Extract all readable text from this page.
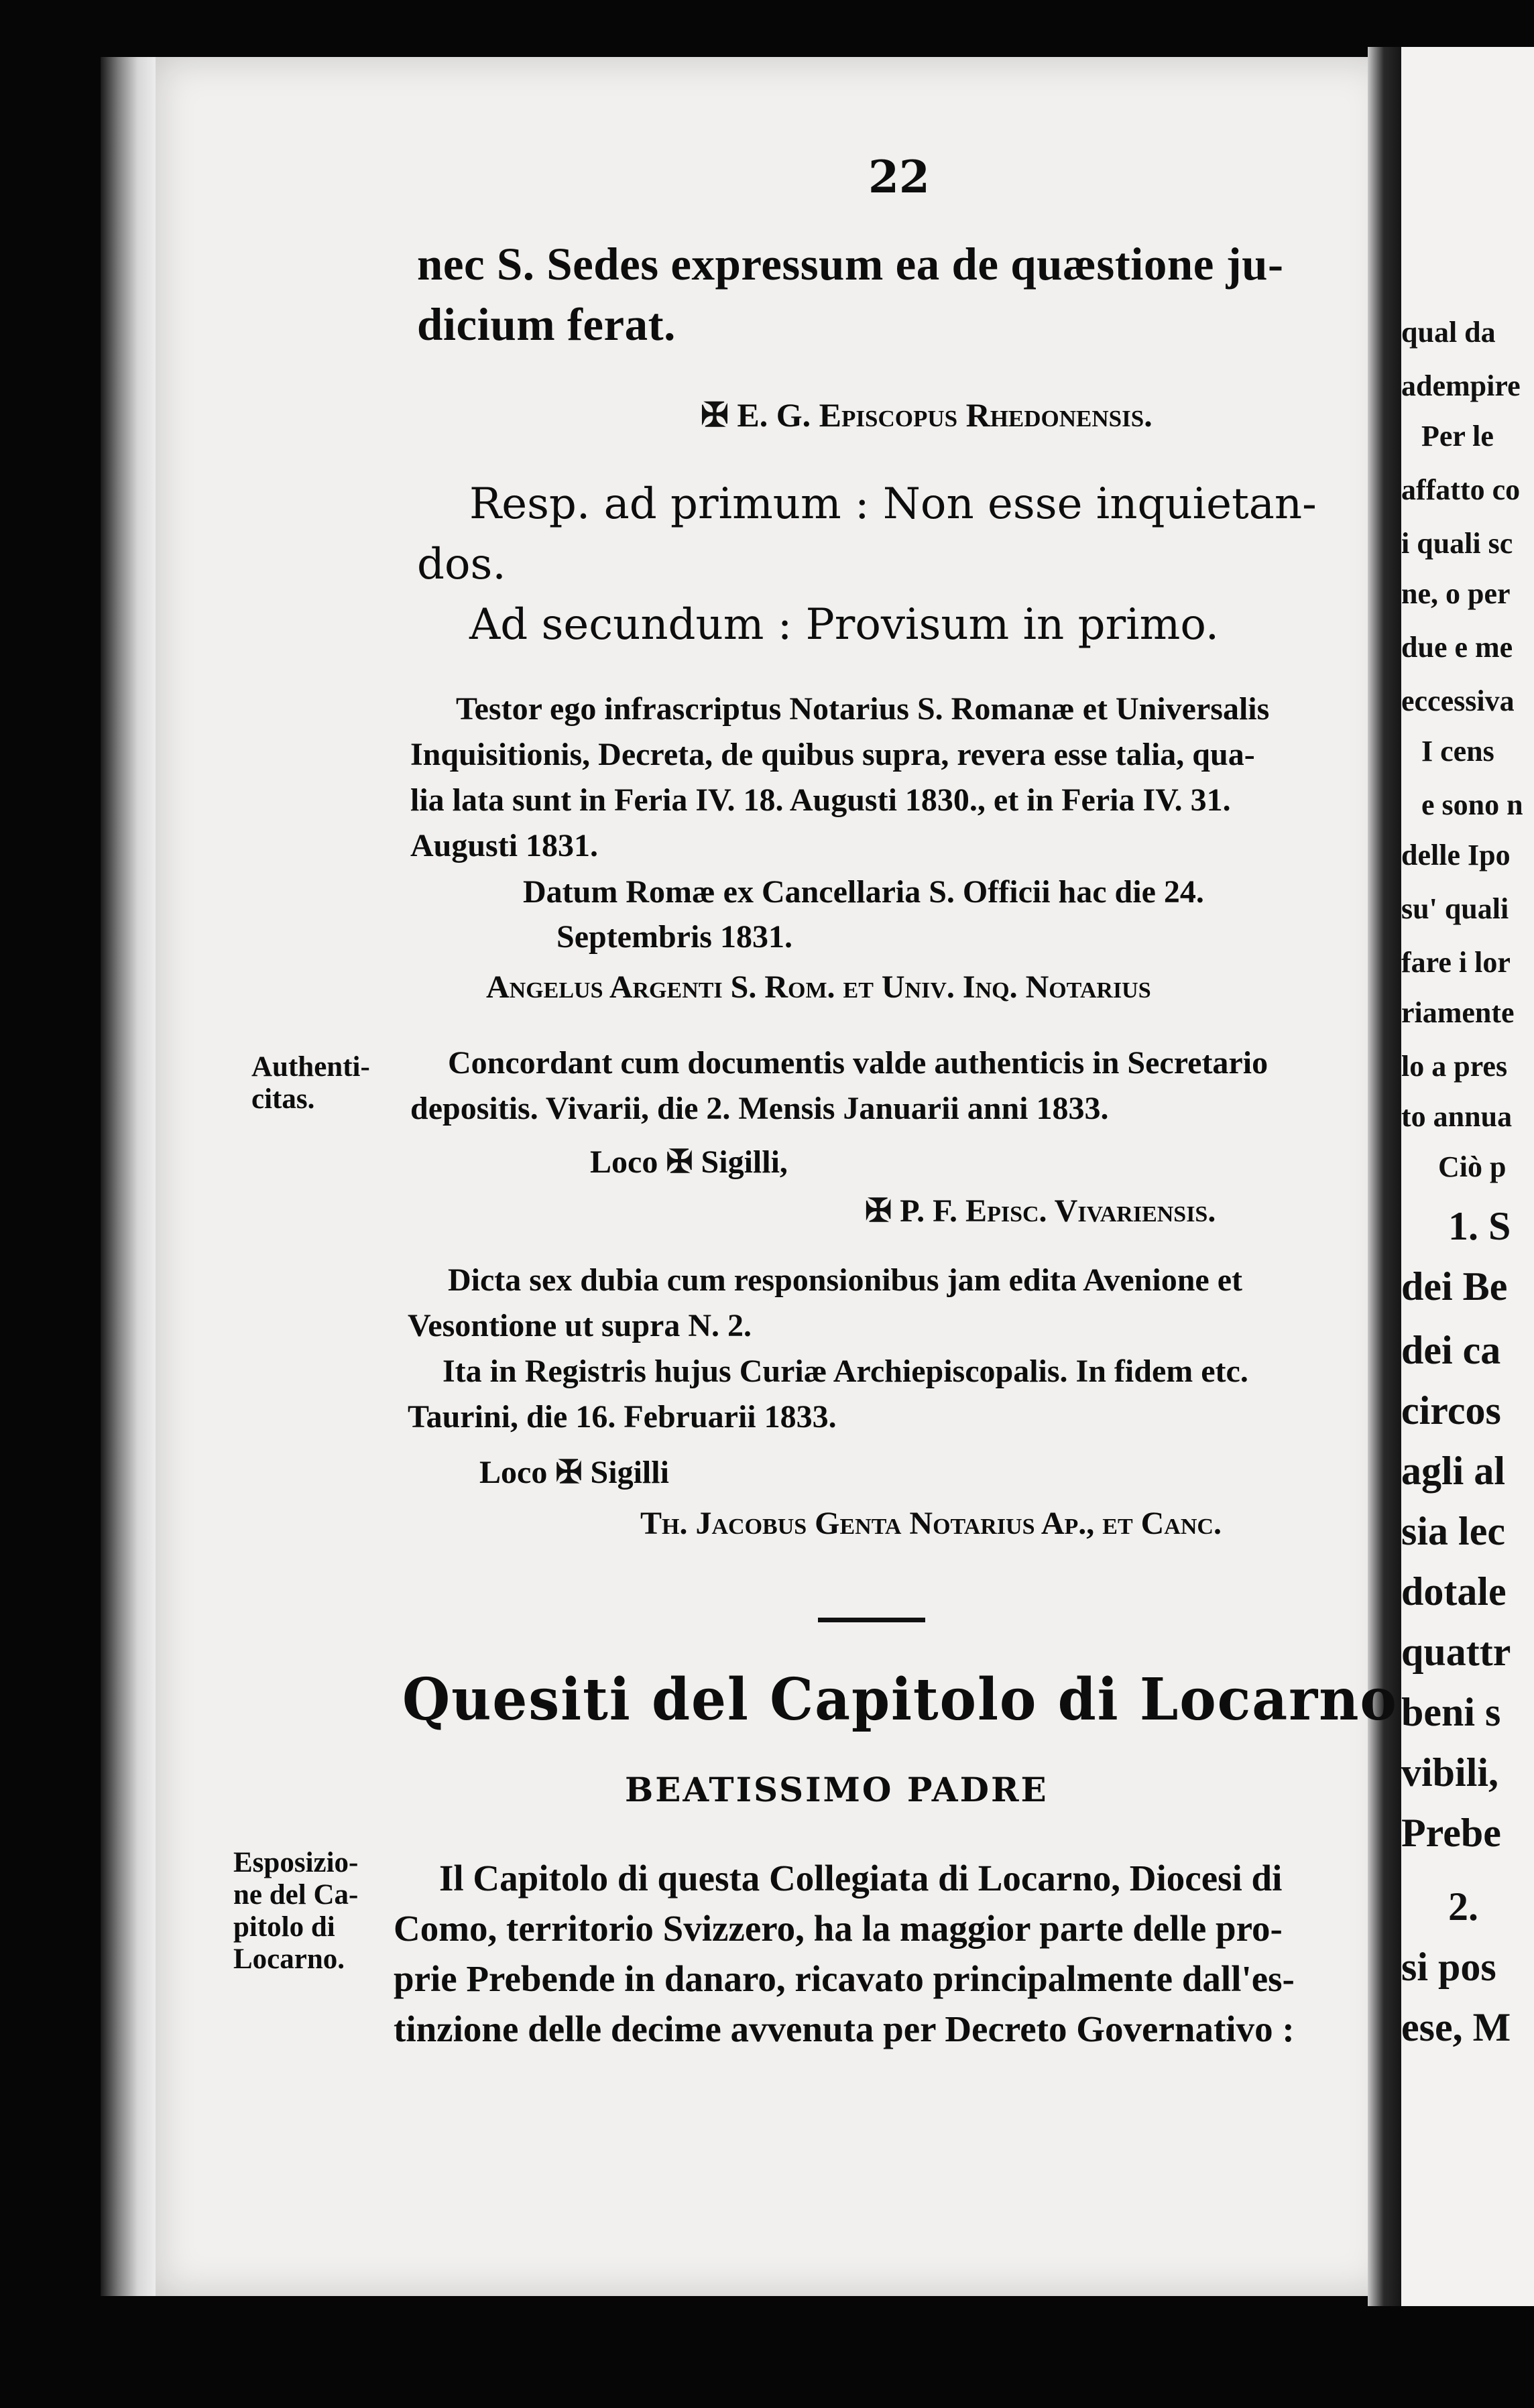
22
nec S. Sedes expressum ea de quæstione ju-
dicium ferat.
✠ E. G. Episcopus Rhedonensis.
Resp. ad primum : Non esse inquietan-
dos.
Ad secundum : Provisum in primo.
Testor ego infrascriptus Notarius S. Romanæ et Universalis
Inquisitionis, Decreta, de quibus supra, revera esse talia, qua-
lia lata sunt in Feria IV. 18. Augusti 1830., et in Feria IV. 31.
Augusti 1831.
Datum Romæ ex Cancellaria S. Officii hac die 24.
Septembris 1831.
Angelus Argenti S. Rom. et Univ. Inq. Notarius
Authenti-
citas.
Concordant cum documentis valde authenticis in Secretario
depositis. Vivarii, die 2. Mensis Januarii anni 1833.
Loco ✠ Sigilli,
✠ P. F. Episc. Vivariensis.
Dicta sex dubia cum responsionibus jam edita Avenione et
Vesontione ut supra N. 2.
Ita in Registris hujus Curiæ Archiepiscopalis. In fidem etc.
Taurini, die 16. Februarii 1833.
Loco ✠ Sigilli
Th. Jacobus Genta Notarius Ap., et Canc.
Quesiti del Capitolo di Locarno
BEATISSIMO PADRE
Esposizio-
ne del Ca-
pitolo di
Locarno.
Il Capitolo di questa Collegiata di Locarno, Diocesi di
Como, territorio Svizzero, ha la maggior parte delle pro-
prie Prebende in danaro, ricavato principalmente dall'es-
tinzione delle decime avvenuta per Decreto Governativo :
qual da
adempire
Per le
affatto co
i quali sc
ne, o per
due e me
eccessiva
I cens
e sono n
delle Ipo
su' quali
fare i lor
riamente
lo a pres
to annua
Ciò p
1. S
dei Be
dei ca
circos
agli al
sia lec
dotale
quattr
beni s
vibili,
Prebe
2.
si pos
ese, M
